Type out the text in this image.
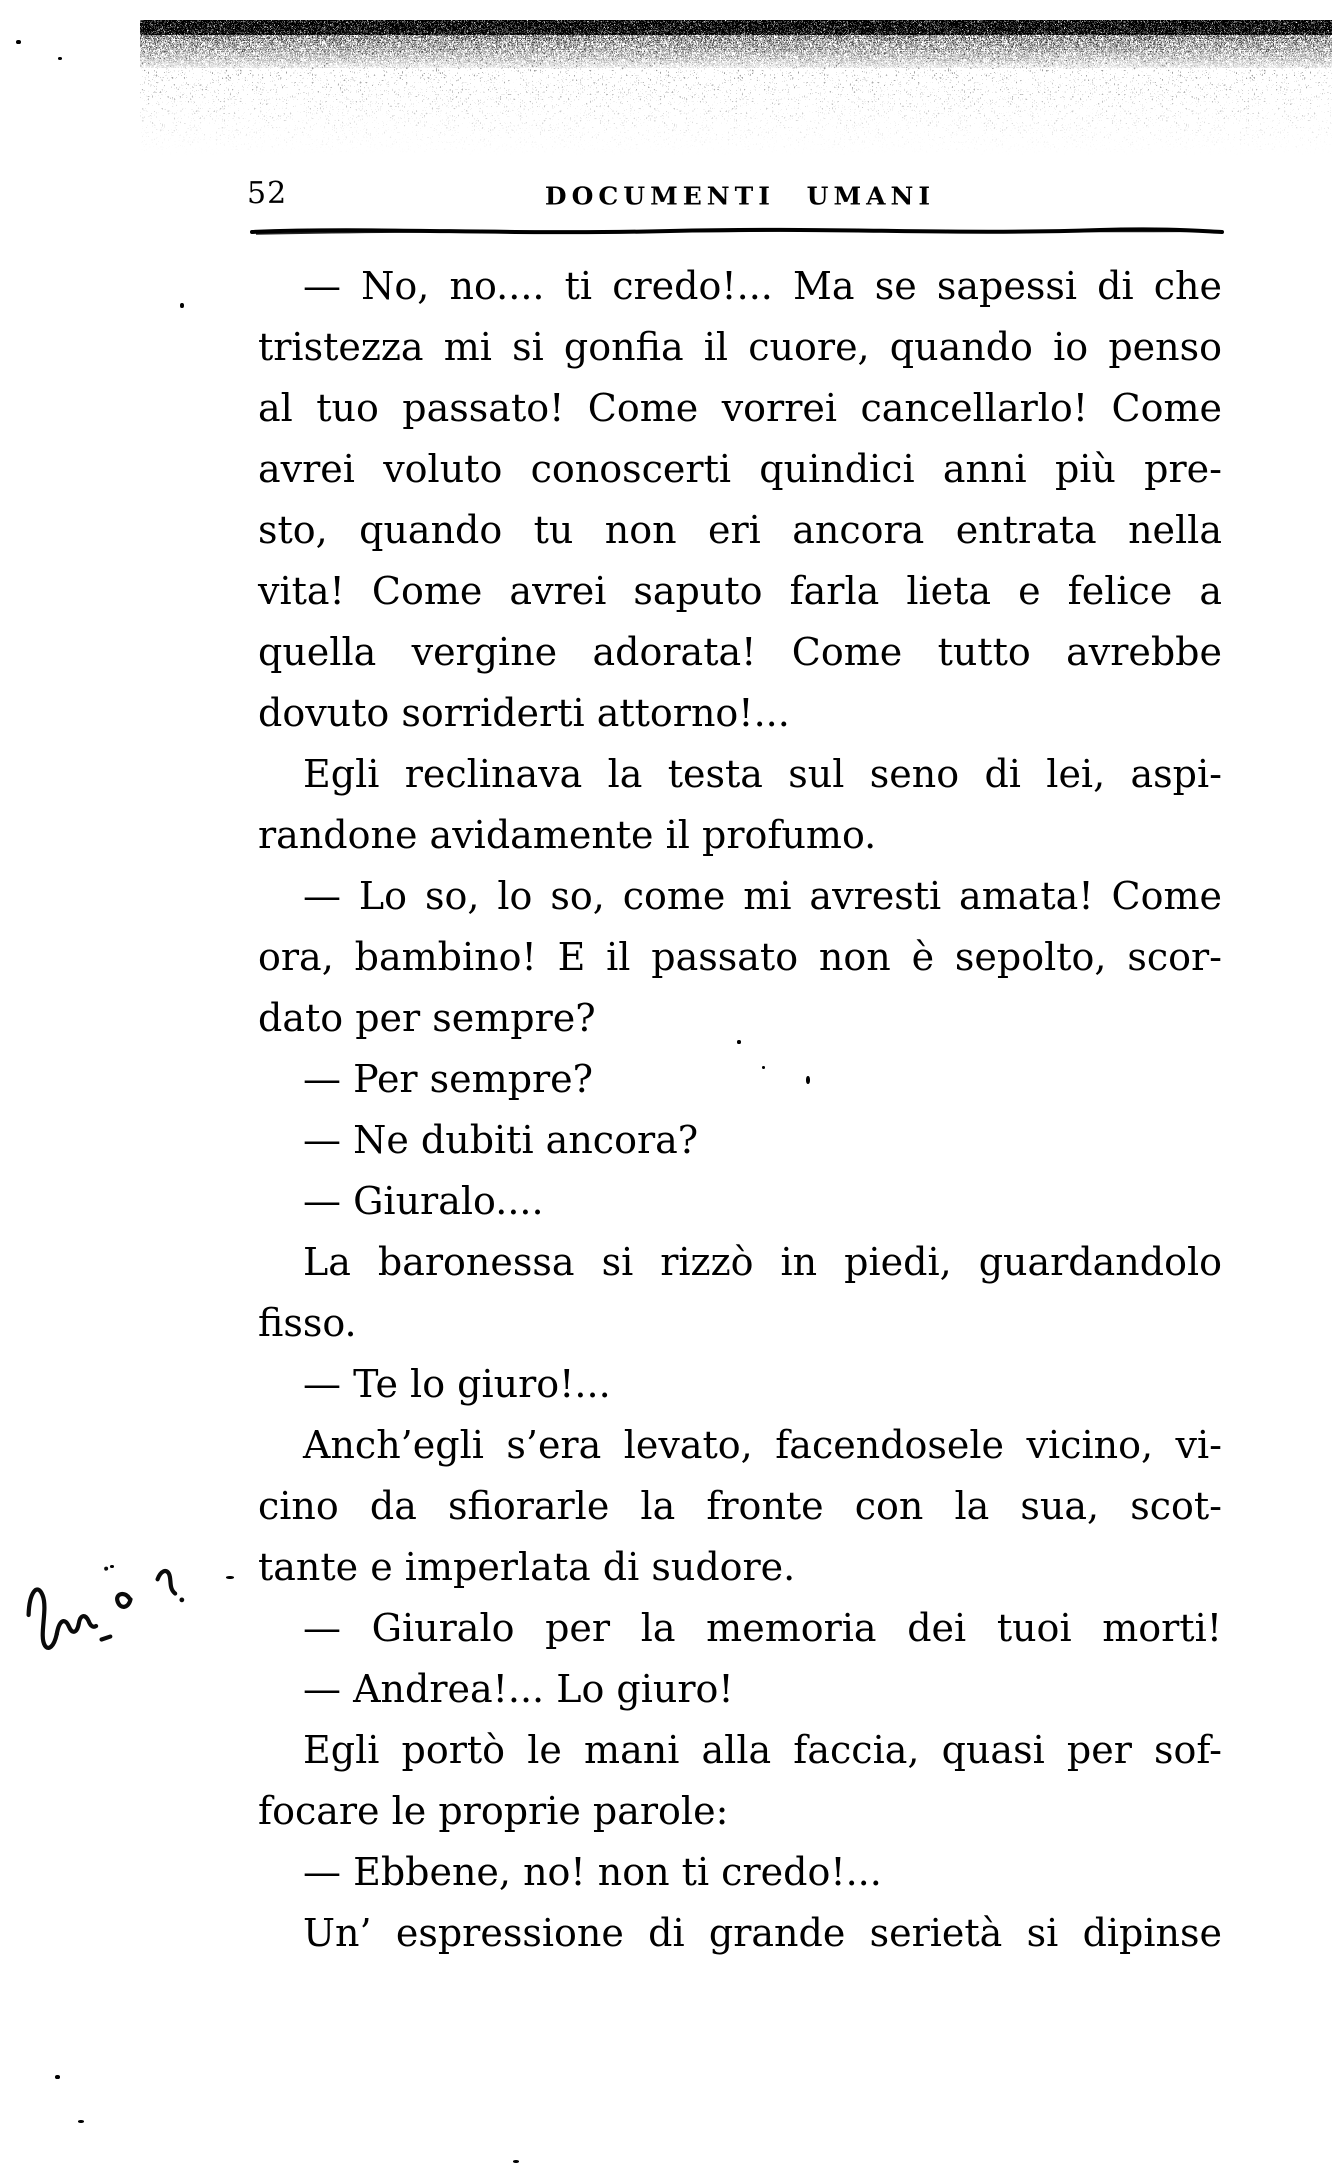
52	DOCUMENTI UMANI
— No, no.... ti credo!... Ma se sapessi di che
tristezza mi si gonfia il cuore, quando io penso
al tuo passato! Come vorrei cancellarlo! Come
avrei voluto conoscerti quindici anni più pre-
sto, quando tu non eri ancora entrata nella
vita! Come avrei saputo farla lieta e felice a
quella vergine adorata! Come tutto avrebbe
dovuto sorriderti attorno!...
Egli reclinava la testa sul seno di lei, aspi-
randone avidamente il profumo.
— Lo so, lo so, come mi avresti amata! Come
ora, bambino! E il passato non è sepolto, scor-
dato per sempre?
— Per sempre?
— Ne dubiti ancora?
— Giuralo....
La baronessa si rizzò in piedi, guardandolo
fisso.
— Te lo giuro!...
Anch’egli s’era levato, facendosele vicino, vi-
cino da sfiorarle la fronte con la sua, scot-
tante e imperlata di sudore.
— Giuralo per la memoria dei tuoi morti!
— Andrea!... Lo giuro!
Egli portò le mani alla faccia, quasi per sof-
focare le proprie parole:
— Ebbene, no! non ti credo!...
Un’ espressione di grande serietà si dipinse
